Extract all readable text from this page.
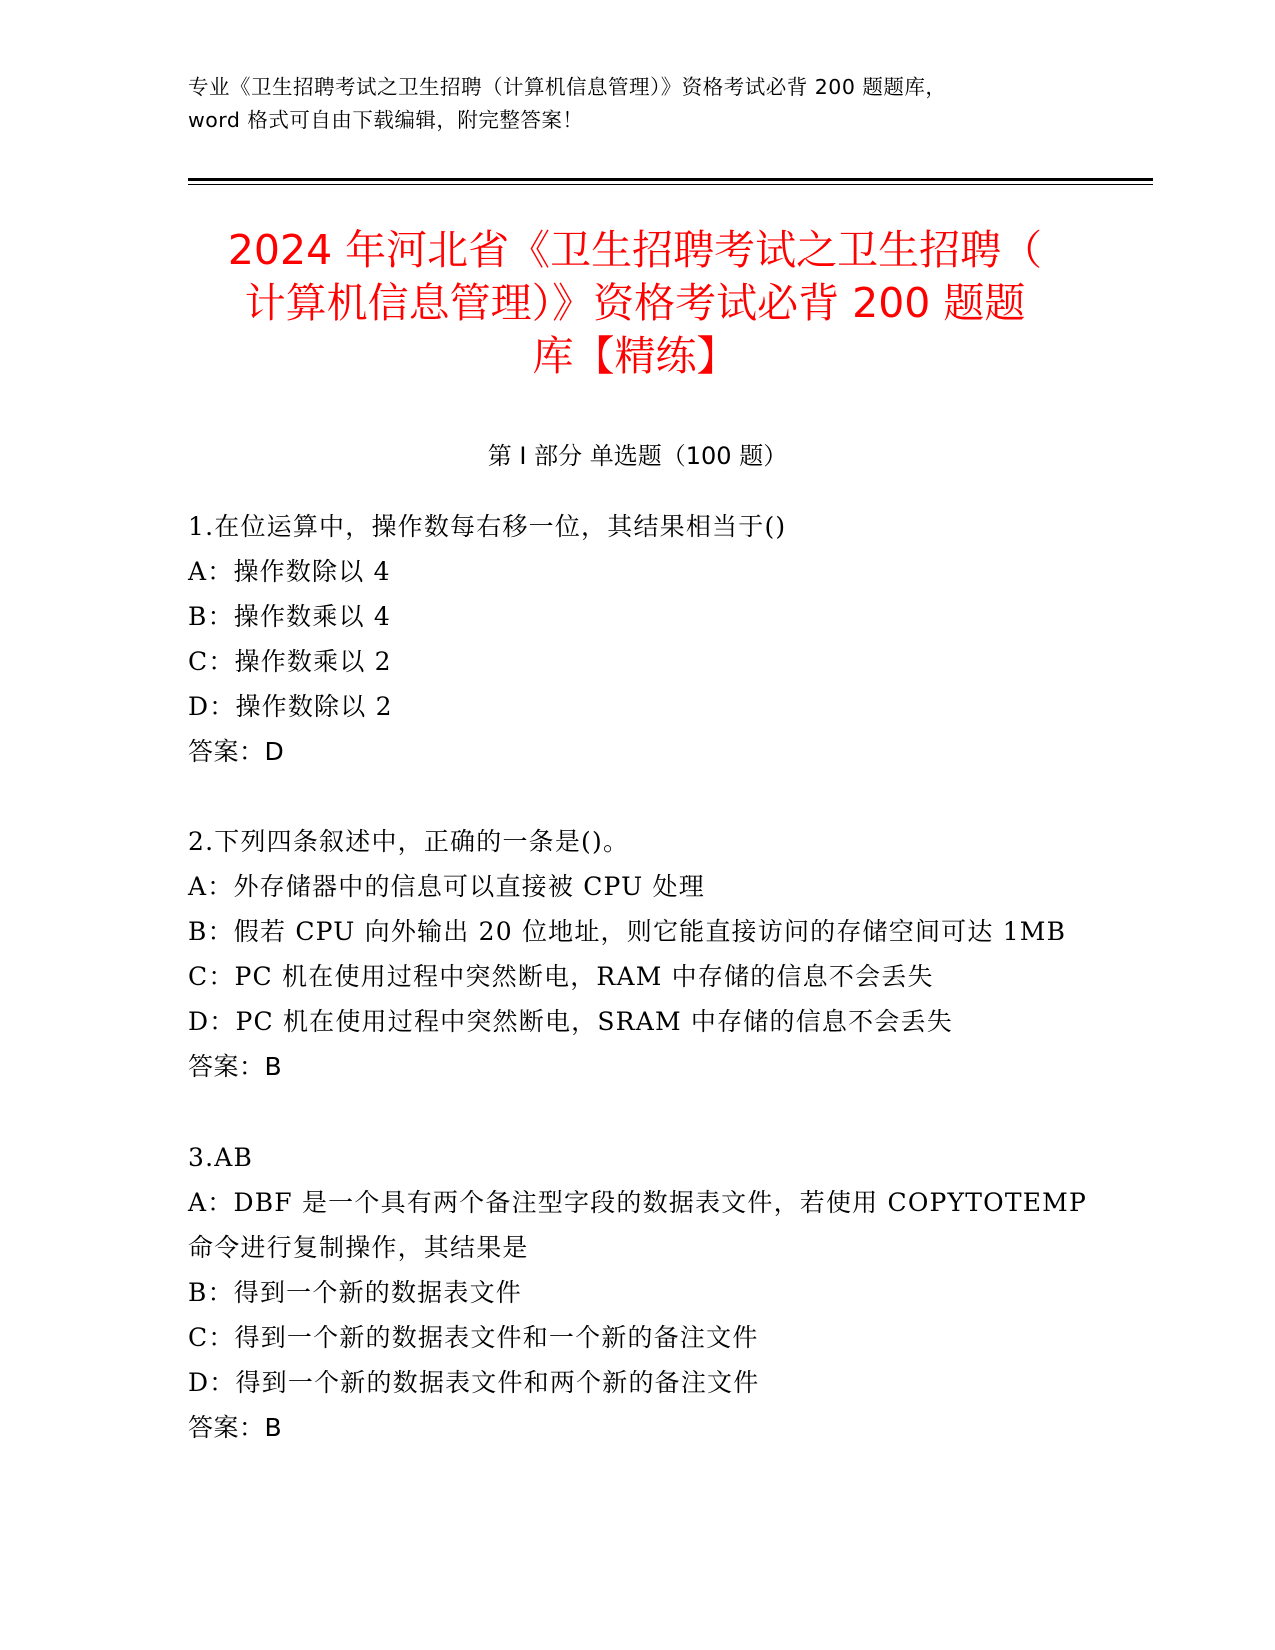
专业《卫生招聘考试之卫生招聘（计算机信息管理）》资格考试必背 200 题题库，
word 格式可自由下载编辑，附完整答案！
2024 年河北省《卫生招聘考试之卫生招聘（
计算机信息管理）》资格考试必背 200 题题
库【精练】
第 I 部分 单选题（100 题）
1.在位运算中，操作数每右移一位，其结果相当于()
A：操作数除以 4
B：操作数乘以 4
C：操作数乘以 2
D：操作数除以 2
答案：D
2.下列四条叙述中，正确的一条是()。
A：外存储器中的信息可以直接被 CPU 处理
B：假若 CPU 向外输出 20 位地址，则它能直接访问的存储空间可达 1MB
C：PC 机在使用过程中突然断电，RAM 中存储的信息不会丢失
D：PC 机在使用过程中突然断电，SRAM 中存储的信息不会丢失
答案：B
3.AB
A：DBF 是一个具有两个备注型字段的数据表文件，若使用 COPYTOTEMP
命令进行复制操作，其结果是
B：得到一个新的数据表文件
C：得到一个新的数据表文件和一个新的备注文件
D：得到一个新的数据表文件和两个新的备注文件
答案：B
